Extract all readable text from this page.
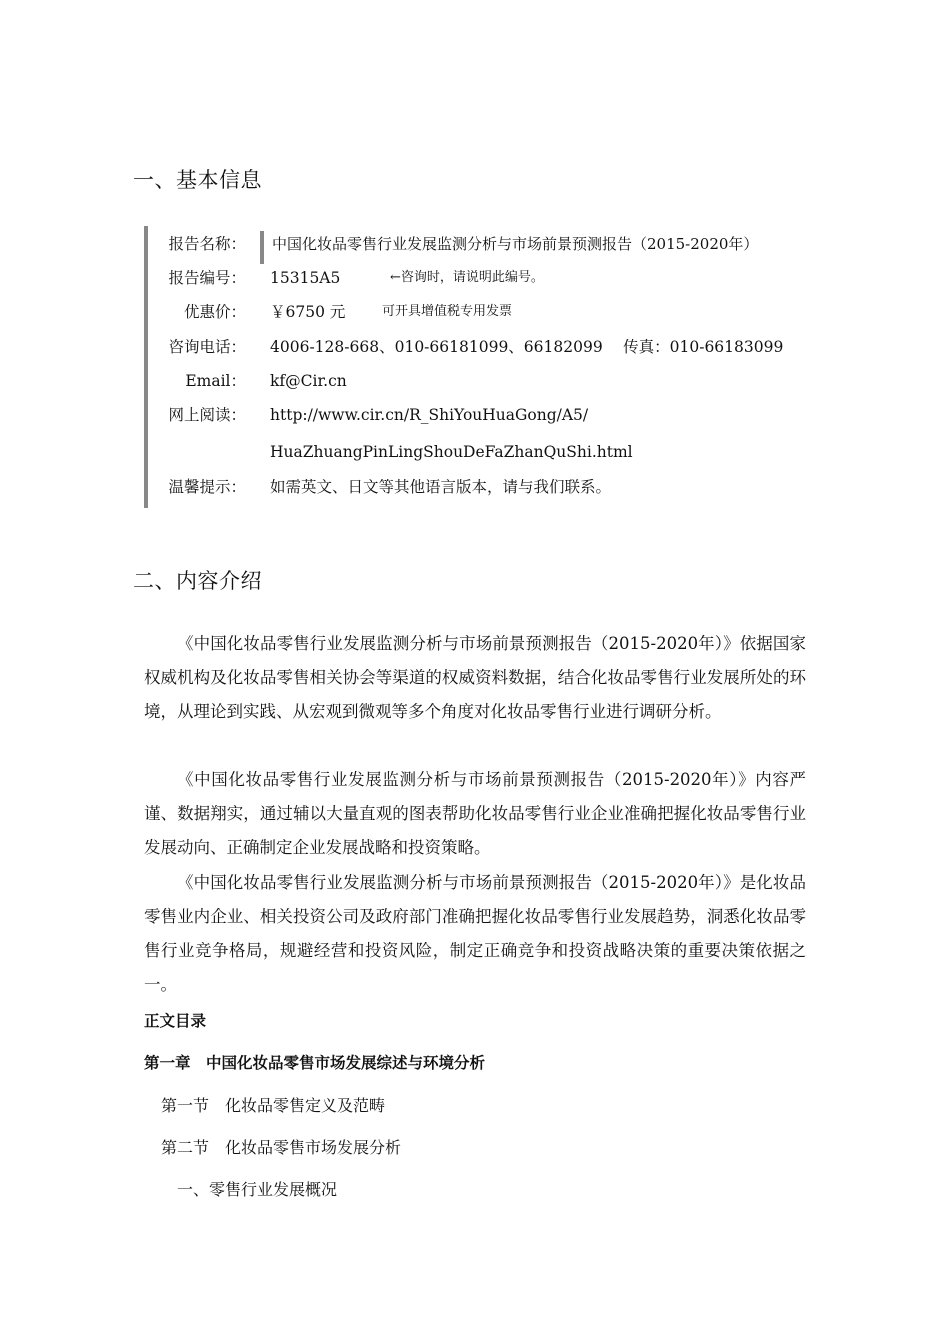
一、基本信息
报告名称： 中国化妆品零售行业发展监测分析与市场前景预测报告（2015-2020年）
报告编号： 15315A5	←咨询时，请说明此编号。
优惠价： ￥6750 元	可开具增值税专用发票
咨询电话： 4006-128-668、010-66181099、66182099　 传真：010-66183099
Email： kf@Cir.cn
网上阅读： http://www.cir.cn/R_ShiYouHuaGong/A5/
HuaZhuangPinLingShouDeFaZhanQuShi.html
温馨提示： 如需英文、日文等其他语言版本，请与我们联系。
二、内容介绍

《中国化妆品零售行业发展监测分析与市场前景预测报告（2015-2020年）》依据国家权威机构及化妆品零售相关协会等渠道的权威资料数据，结合化妆品零售行业发展所处的环境，从理论到实践、从宏观到微观等多个角度对化妆品零售行业进行调研分析。

《中国化妆品零售行业发展监测分析与市场前景预测报告（2015-2020年）》内容严谨、数据翔实，通过辅以大量直观的图表帮助化妆品零售行业企业准确把握化妆品零售行业发展动向、正确制定企业发展战略和投资策略。

《中国化妆品零售行业发展监测分析与市场前景预测报告（2015-2020年）》是化妆品零售业内企业、相关投资公司及政府部门准确把握化妆品零售行业发展趋势，洞悉化妆品零售行业竞争格局，规避经营和投资风险，制定正确竞争和投资战略决策的重要决策依据之一。

正文目录
第一章　中国化妆品零售市场发展综述与环境分析
第一节　化妆品零售定义及范畴
第二节　化妆品零售市场发展分析
一、零售行业发展概况
